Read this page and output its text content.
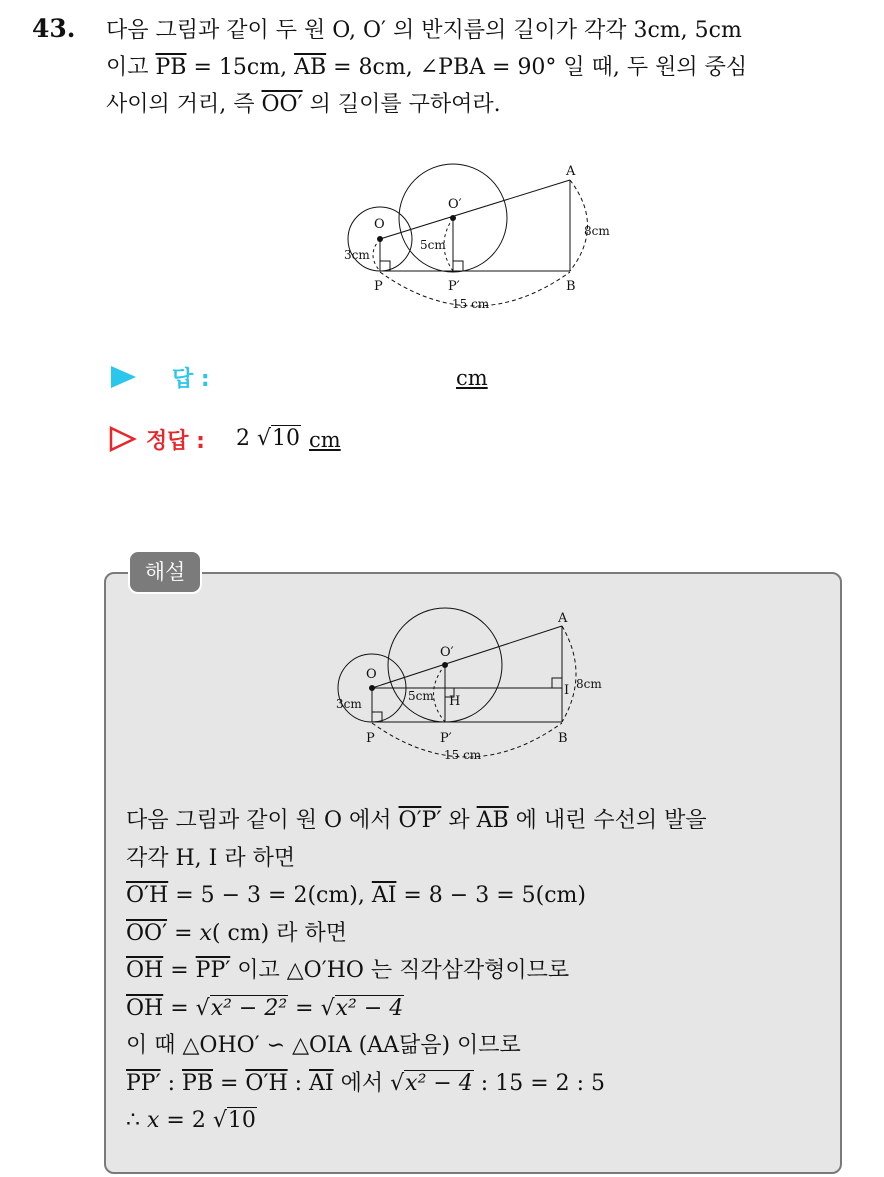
43. 다음 그림과 같이 두 원 O, O′ 의 반지름의 길이가 각각 3cm, 5cm

이고 $\overline{PB} = 15cm$, $\overline{AB} = 8cm$, ∠PBA = 90° 일 때, 두 원의 중심

사이의 거리, 즉 OO′ 의 길이를 구하여라.

A
B
O
O′
P	P′
3cm
5cm
8cm
15 cm
답 :	cm
정답 : 2 √10 cm
해설
A
B
O
O′
P	P′
H
I
3cm
5cm
8cm
15 cm

다음 그림과 같이 원 O 에서 O′P′ 와 $\overline{AB}$ 에 내린 수선의 발을

각각 H, I 라 하면

O′H = 5 − 3 = 2(cm), $\overline{AI} = 8 - 3 = 5(cm)$

OO′ = x( cm) 라 하면

$\overline{OH} = PP'$ 이고 △O′HO 는 직각삼각형이므로

$\overline{OH} = √x^2 - 2^2 = √x^2 - 4$

이 때 △OHO′ ∽ △OIA (AA닮음) 이므로

PP′ : $\overline{PB} = O'H$ : $\overline{AI}$ 에서 √x² − 4 : 15 = 2 : 5

∴ x = 2 √10
